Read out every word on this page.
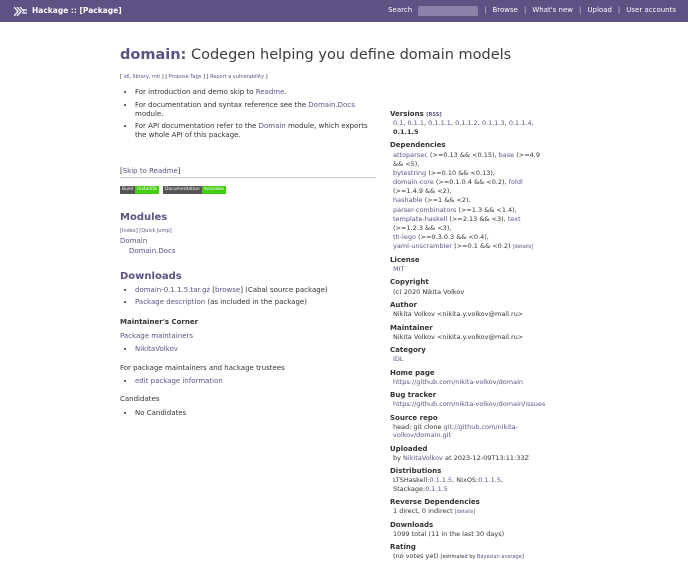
Hackage :: [Package]	Search	| Browse | What's new | Upload | User accounts
domain: Codegen helping you define domain models
[ idl, library, mit ] [ Propose Tags ] [ Report a vulnerability ]
• For introduction and demo skip to Readme.
• For documentation and syntax reference see the Domain.Docs module.
• For API documentation refer to the Domain module, which exports the whole API of this package.
[Skip to Readme]
Build InstallOk	Documentation Available
Modules
[Index] [Quick Jump]
Domain
Domain.Docs
Downloads
• domain-0.1.1.5.tar.gz [browse] (Cabal source package)
• Package description (as included in the package)
Maintainer's Corner
Package maintainers
• NikitaVolkov
For package maintainers and hackage trustees
• edit package information
Candidates
• No Candidates
Versions [RSS]
0.1, 0.1.1, 0.1.1.1, 0.1.1.2, 0.1.1.3, 0.1.1.4, 0.1.1.5
Dependencies
attoparsec (>=0.13 && <0.15), base (>=4.9 && <5),
bytestring (>=0.10 && <0.13),
domain-core (>=0.1.0.4 && <0.2), foldl (>=1.4.9 && <2),
hashable (>=1 && <2),
parser-combinators (>=1.3 && <1.4),
template-haskell (>=2.13 && <3), text (>=1.2.3 && <3),
th-lego (>=0.3.0.3 && <0.4),
yaml-unscrambler (>=0.1 && <0.2) [details]
License
MIT
Copyright
(c) 2020 Nikita Volkov
Author
Nikita Volkov <nikita.y.volkov@mail.ru>
Maintainer
Nikita Volkov <nikita.y.volkov@mail.ru>
Category
IDL
Home page
https://github.com/nikita-volkov/domain
Bug tracker
https://github.com/nikita-volkov/domain/issues
Source repo
head: git clone git://github.com/nikita-volkov/domain.git
Uploaded
by NikitaVolkov at 2023-12-09T13:11:33Z
Distributions
LTSHaskell:0.1.1.5, NixOS:0.1.1.5, Stackage:0.1.1.5
Reverse Dependencies
1 direct, 0 indirect [details]
Downloads
1099 total (11 in the last 30 days)
Rating
(no votes yet) [estimated by Bayesian average]
